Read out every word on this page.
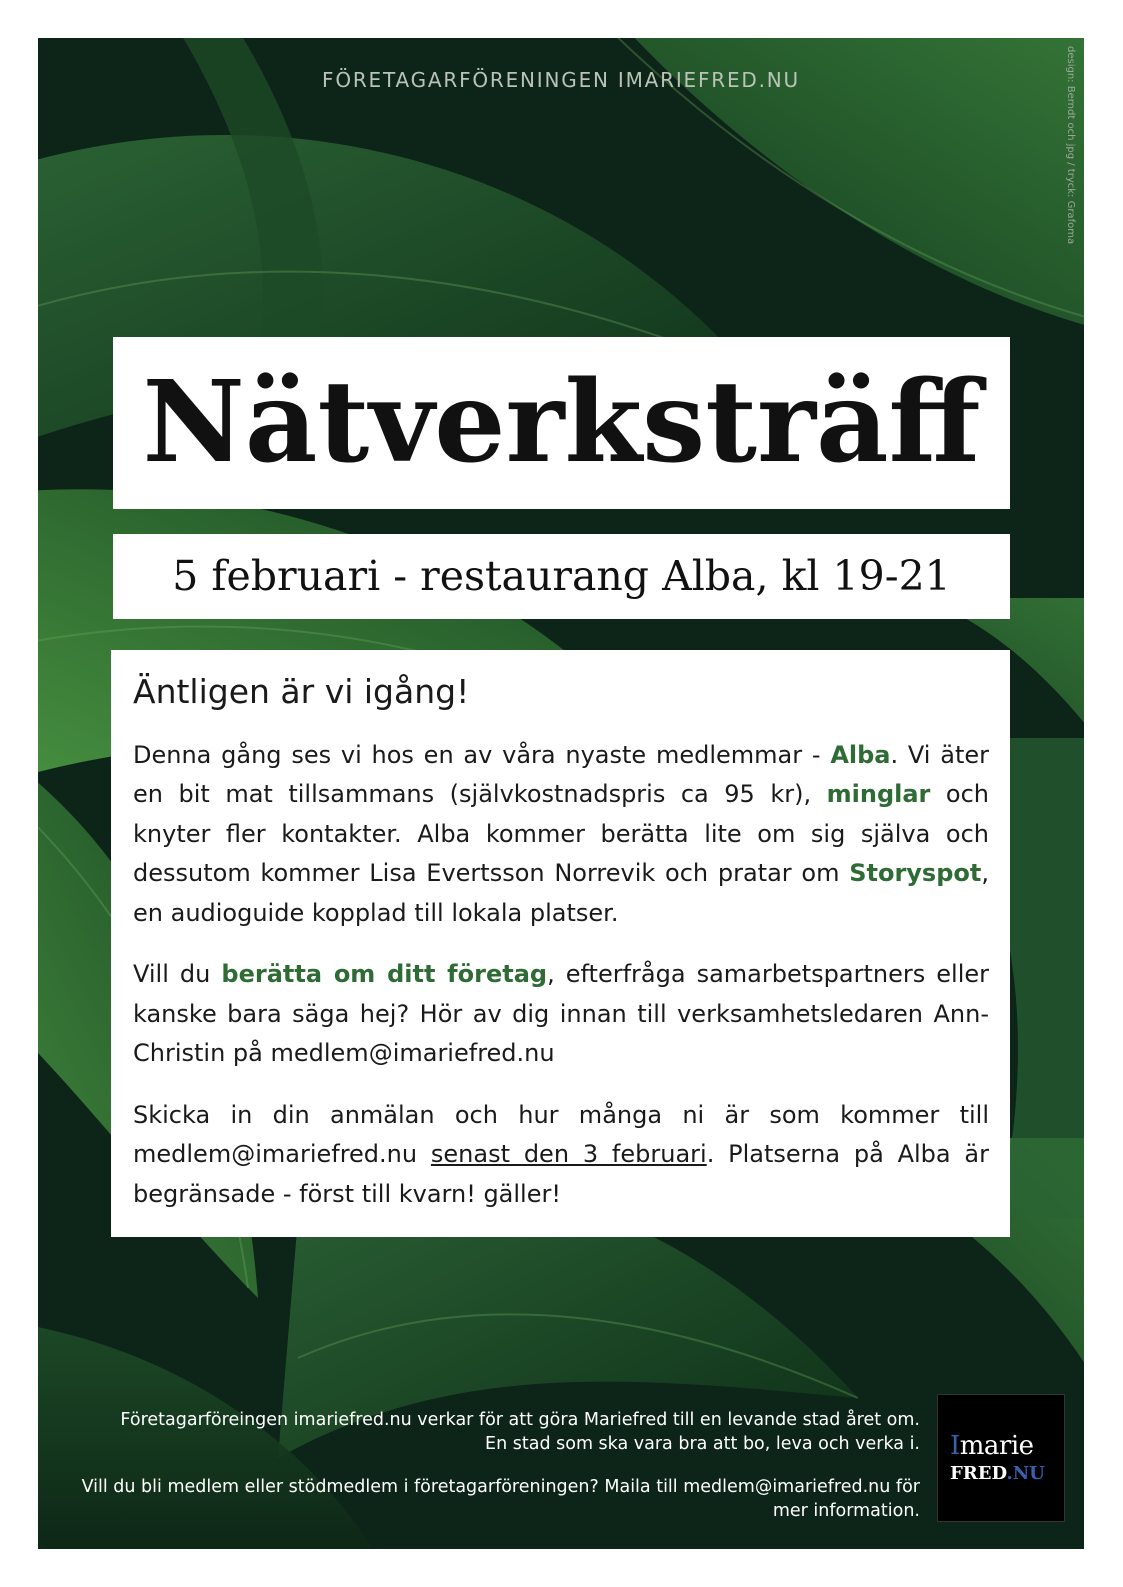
FÖRETAGARFÖRENINGEN IMARIEFRED.NU	design: Berndt och jpg / tryck: Grafoma
Nätverksträff
5 februari - restaurang Alba, kl 19-21
Äntligen är vi igång!

Denna gång ses vi hos en av våra nyaste medlemmar - Alba. Vi äter en bit mat tillsammans (självkostnadspris ca 95 kr), minglar och knyter fler kontakter. Alba kommer berätta lite om sig själva och dessutom kommer Lisa Evertsson Norrevik och pratar om Storyspot, en audioguide kopplad till lokala platser.

Vill du berätta om ditt företag, efterfråga samarbetspartners eller kanske bara säga hej? Hör av dig innan till verksamhetsledaren Ann-Christin på medlem@imariefred.nu

Skicka in din anmälan och hur många ni är som kommer till medlem@imariefred.nu senast den 3 februari. Platserna på Alba är begränsade - först till kvarn! gäller!

Företagarföreingen imariefred.nu verkar för att göra Mariefred till en levande stad året om.
En stad som ska vara bra att bo, leva och verka i.
Vill du bli medlem eller stödmedlem i företagarföreningen? Maila till medlem@imariefred.nu för
mer information.
Imarie
FRED.NU
